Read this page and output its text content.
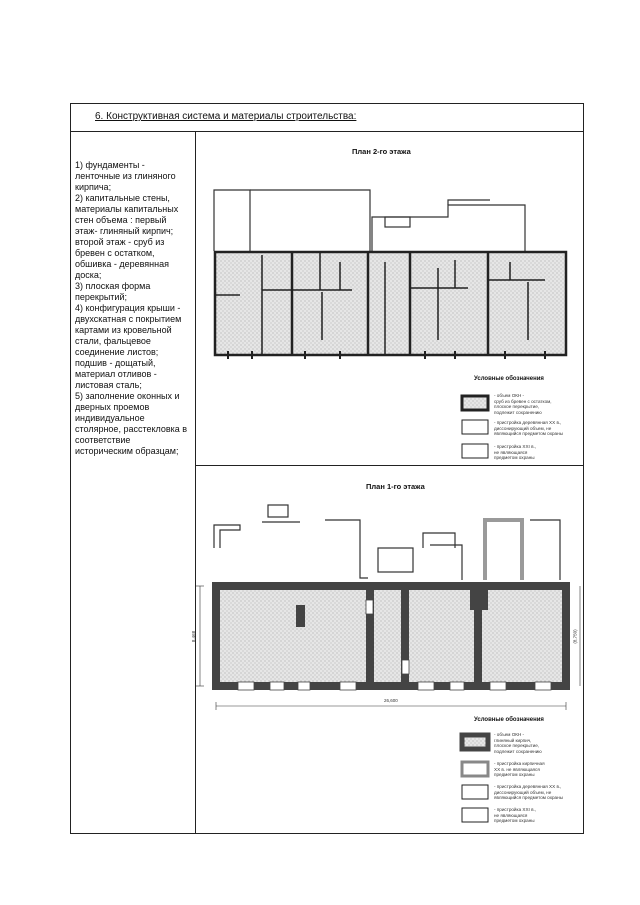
6. Конструктивная система и материалы строительства:
1) фундаменты -
ленточные из глиняного
кирпича;
2) капитальные стены,
материалы капитальных
стен объема : первый
этаж- глиняный кирпич;
второй этаж - сруб из
бревен с остатком,
обшивка - деревянная
доска;
3) плоская форма
перекрытий;
4) конфигурация крыши -
двухскатная с покрытием
картами из кровельной
стали, фальцевое
соединение листов;
подшив - дощатый,
материал отливов -
листовая сталь;
5) заполнение оконных и
дверных проемов
индивидуальное
столярное, расстекловка в
соответствие
историческим образцам;
План 2-го этажа
Условные обозначения
- объем ОКН -
сруб из бревен с остатком,
плоское перекрытие,
подлежит сохранению
- пристройка деревянная XX в.,
диссонирующий объем, не
являющийся предметом охраны
- пристройка XXI в.,
не являющаяся
предметом охраны
План 1-го этажа
26,600
8,468	(8,750)
Условные обозначения
- объем ОКН -
глиняный кирпич,
плоское перекрытие,
подлежит сохранению
- пристройка кирпичная
XX в. не являющаяся
предметом охраны
- пристройка деревянная XX в.,
диссонирующий объем, не
являющийся предметом охраны
- пристройка XXI в.,
не являющаяся
предметом охраны
